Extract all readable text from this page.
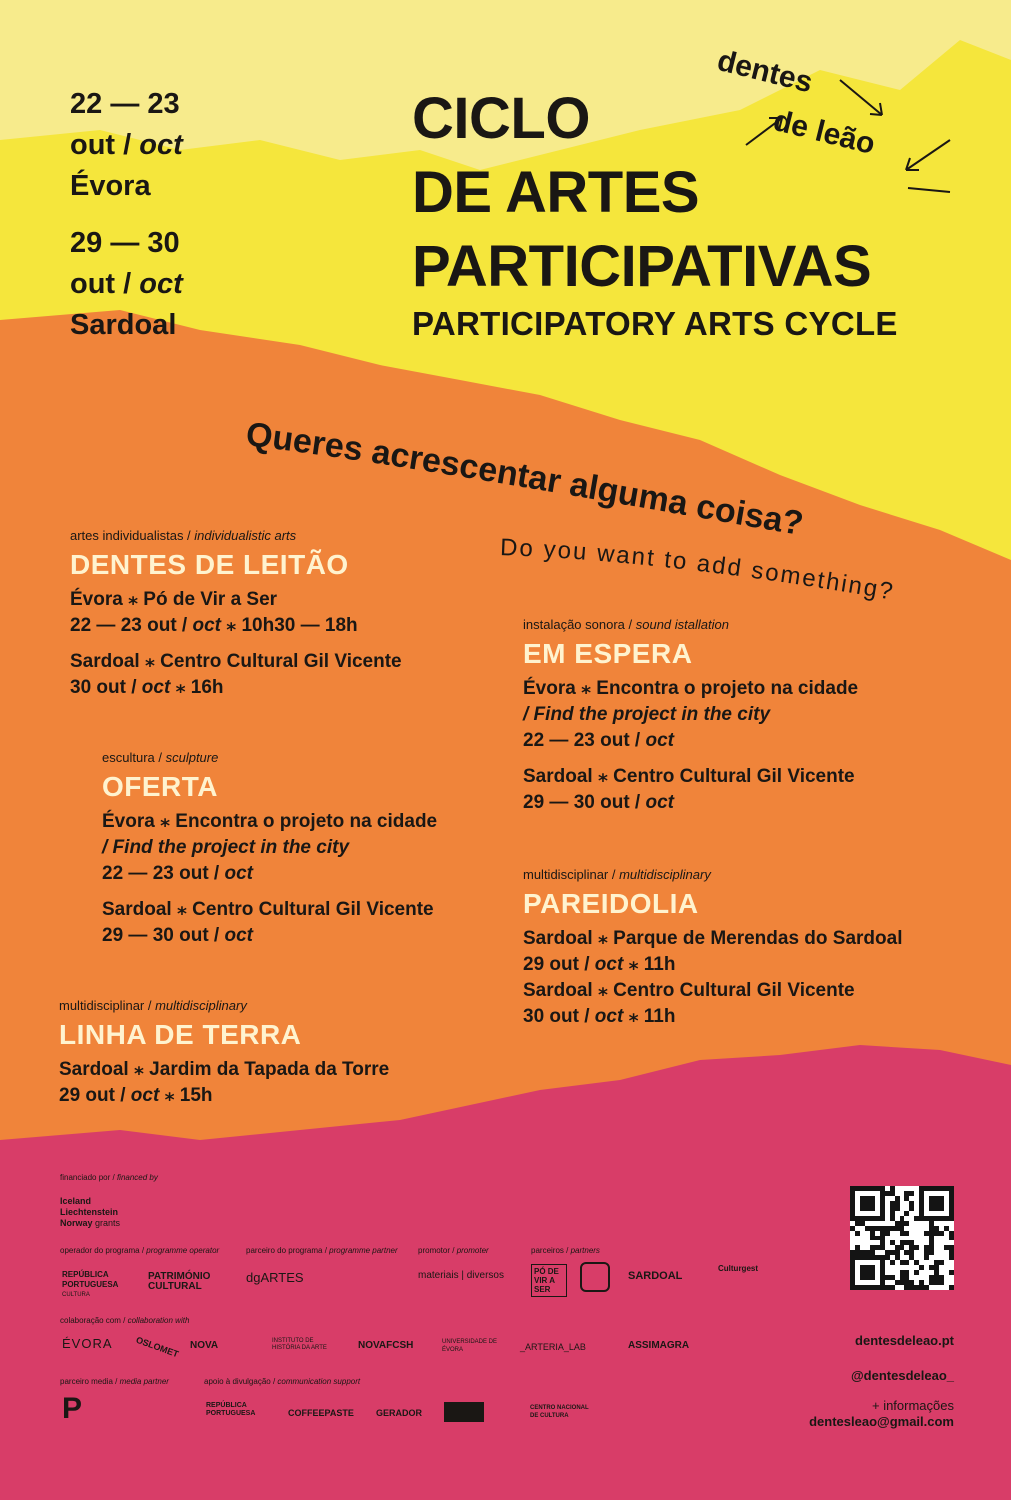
22 — 23
out / oct
Évora
29 — 30
out / oct
Sardoal
CICLO
DE ARTES
PARTICIPATIVAS
PARTICIPATORY ARTS CYCLE
dentes
de leão
Queres acrescentar alguma coisa?
Do you want to add something?
artes individualistas / individualistic arts
DENTES DE LEITÃO
Évora ⁎ Pó de Vir a Ser
22 — 23 out / oct ⁎ 10h30 — 18h
Sardoal ⁎ Centro Cultural Gil Vicente
30 out / oct ⁎ 16h
escultura / sculpture
OFERTA
Évora ⁎ Encontra o projeto na cidade
/ Find the project in the city
22 — 23 out / oct
Sardoal ⁎ Centro Cultural Gil Vicente
29 — 30 out / oct
multidisciplinar / multidisciplinary
LINHA DE TERRA
Sardoal ⁎ Jardim da Tapada da Torre
29 out / oct ⁎ 15h
instalação sonora / sound istallation
EM ESPERA
Évora ⁎ Encontra o projeto na cidade
/ Find the project in the city
22 — 23 out / oct
Sardoal ⁎ Centro Cultural Gil Vicente
29 — 30 out / oct
multidisciplinar / multidisciplinary
PAREIDOLIA
Sardoal ⁎ Parque de Merendas do Sardoal
29 out / oct ⁎ 11h
Sardoal ⁎ Centro Cultural Gil Vicente
30 out / oct ⁎ 11h
financiado por / financed by
Iceland
Liechtenstein
Norway grants
operador do programa / programme operator	parceiro do programa / programme partner	promotor / promoter	parceiros / partners
REPÚBLICA PORTUGUESA
CULTURA
PATRIMÓNIO CULTURAL
dgARTES	materiais | diversos	PÓ DE VIR A SER
SARDOAL
Culturgest
colaboração com / collaboration with
ÉVORA OSLOMET NOVA	INSTITUTO DE HISTÓRIA DA ARTE	NOVAFCSH	UNIVERSIDADE DE ÉVORA	_ARTERIA_LAB	ASSIMAGRA
parceiro media / media partner	apoio à divulgação / communication support
P	REPÚBLICA PORTUGUESA	COFFEEPASTE GERADOR	CENTRO NACIONAL DE CULTURA
dentesdeleao.pt
@dentesdeleao_
+ informações
dentesleao@gmail.com
